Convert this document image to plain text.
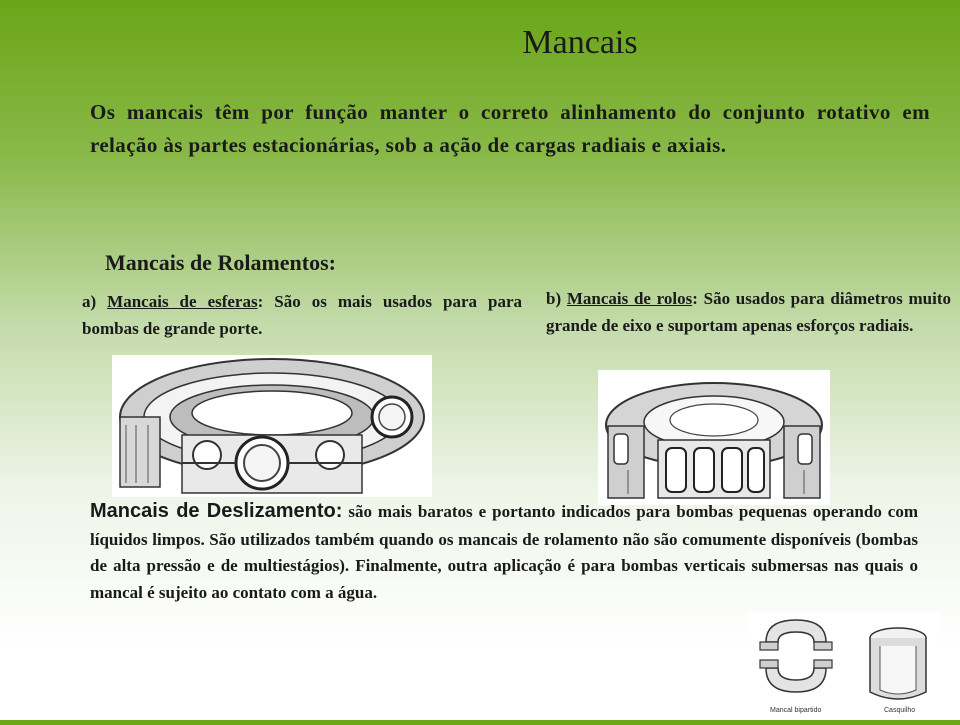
Mancais
Os mancais têm por função manter o correto alinhamento do conjunto rotativo em relação às partes estacionárias, sob a ação de cargas radiais e axiais.
Mancais de Rolamentos:
a) Mancais de esferas: São os mais usados para para bombas de grande porte.
b) Mancais de rolos: São usados para diâmetros muito grande de eixo e suportam apenas esforços radiais.
Mancais de Deslizamento: são mais baratos e portanto indicados para bombas pequenas operando com líquidos limpos. São utilizados também quando os mancais de rolamento não são comumente disponíveis (bombas de alta pressão e de multiestágios). Finalmente, outra aplicação é para bombas verticais submersas nas quais o mancal é sujeito ao contato com a água.
Mancal bipartido	Casquilho
